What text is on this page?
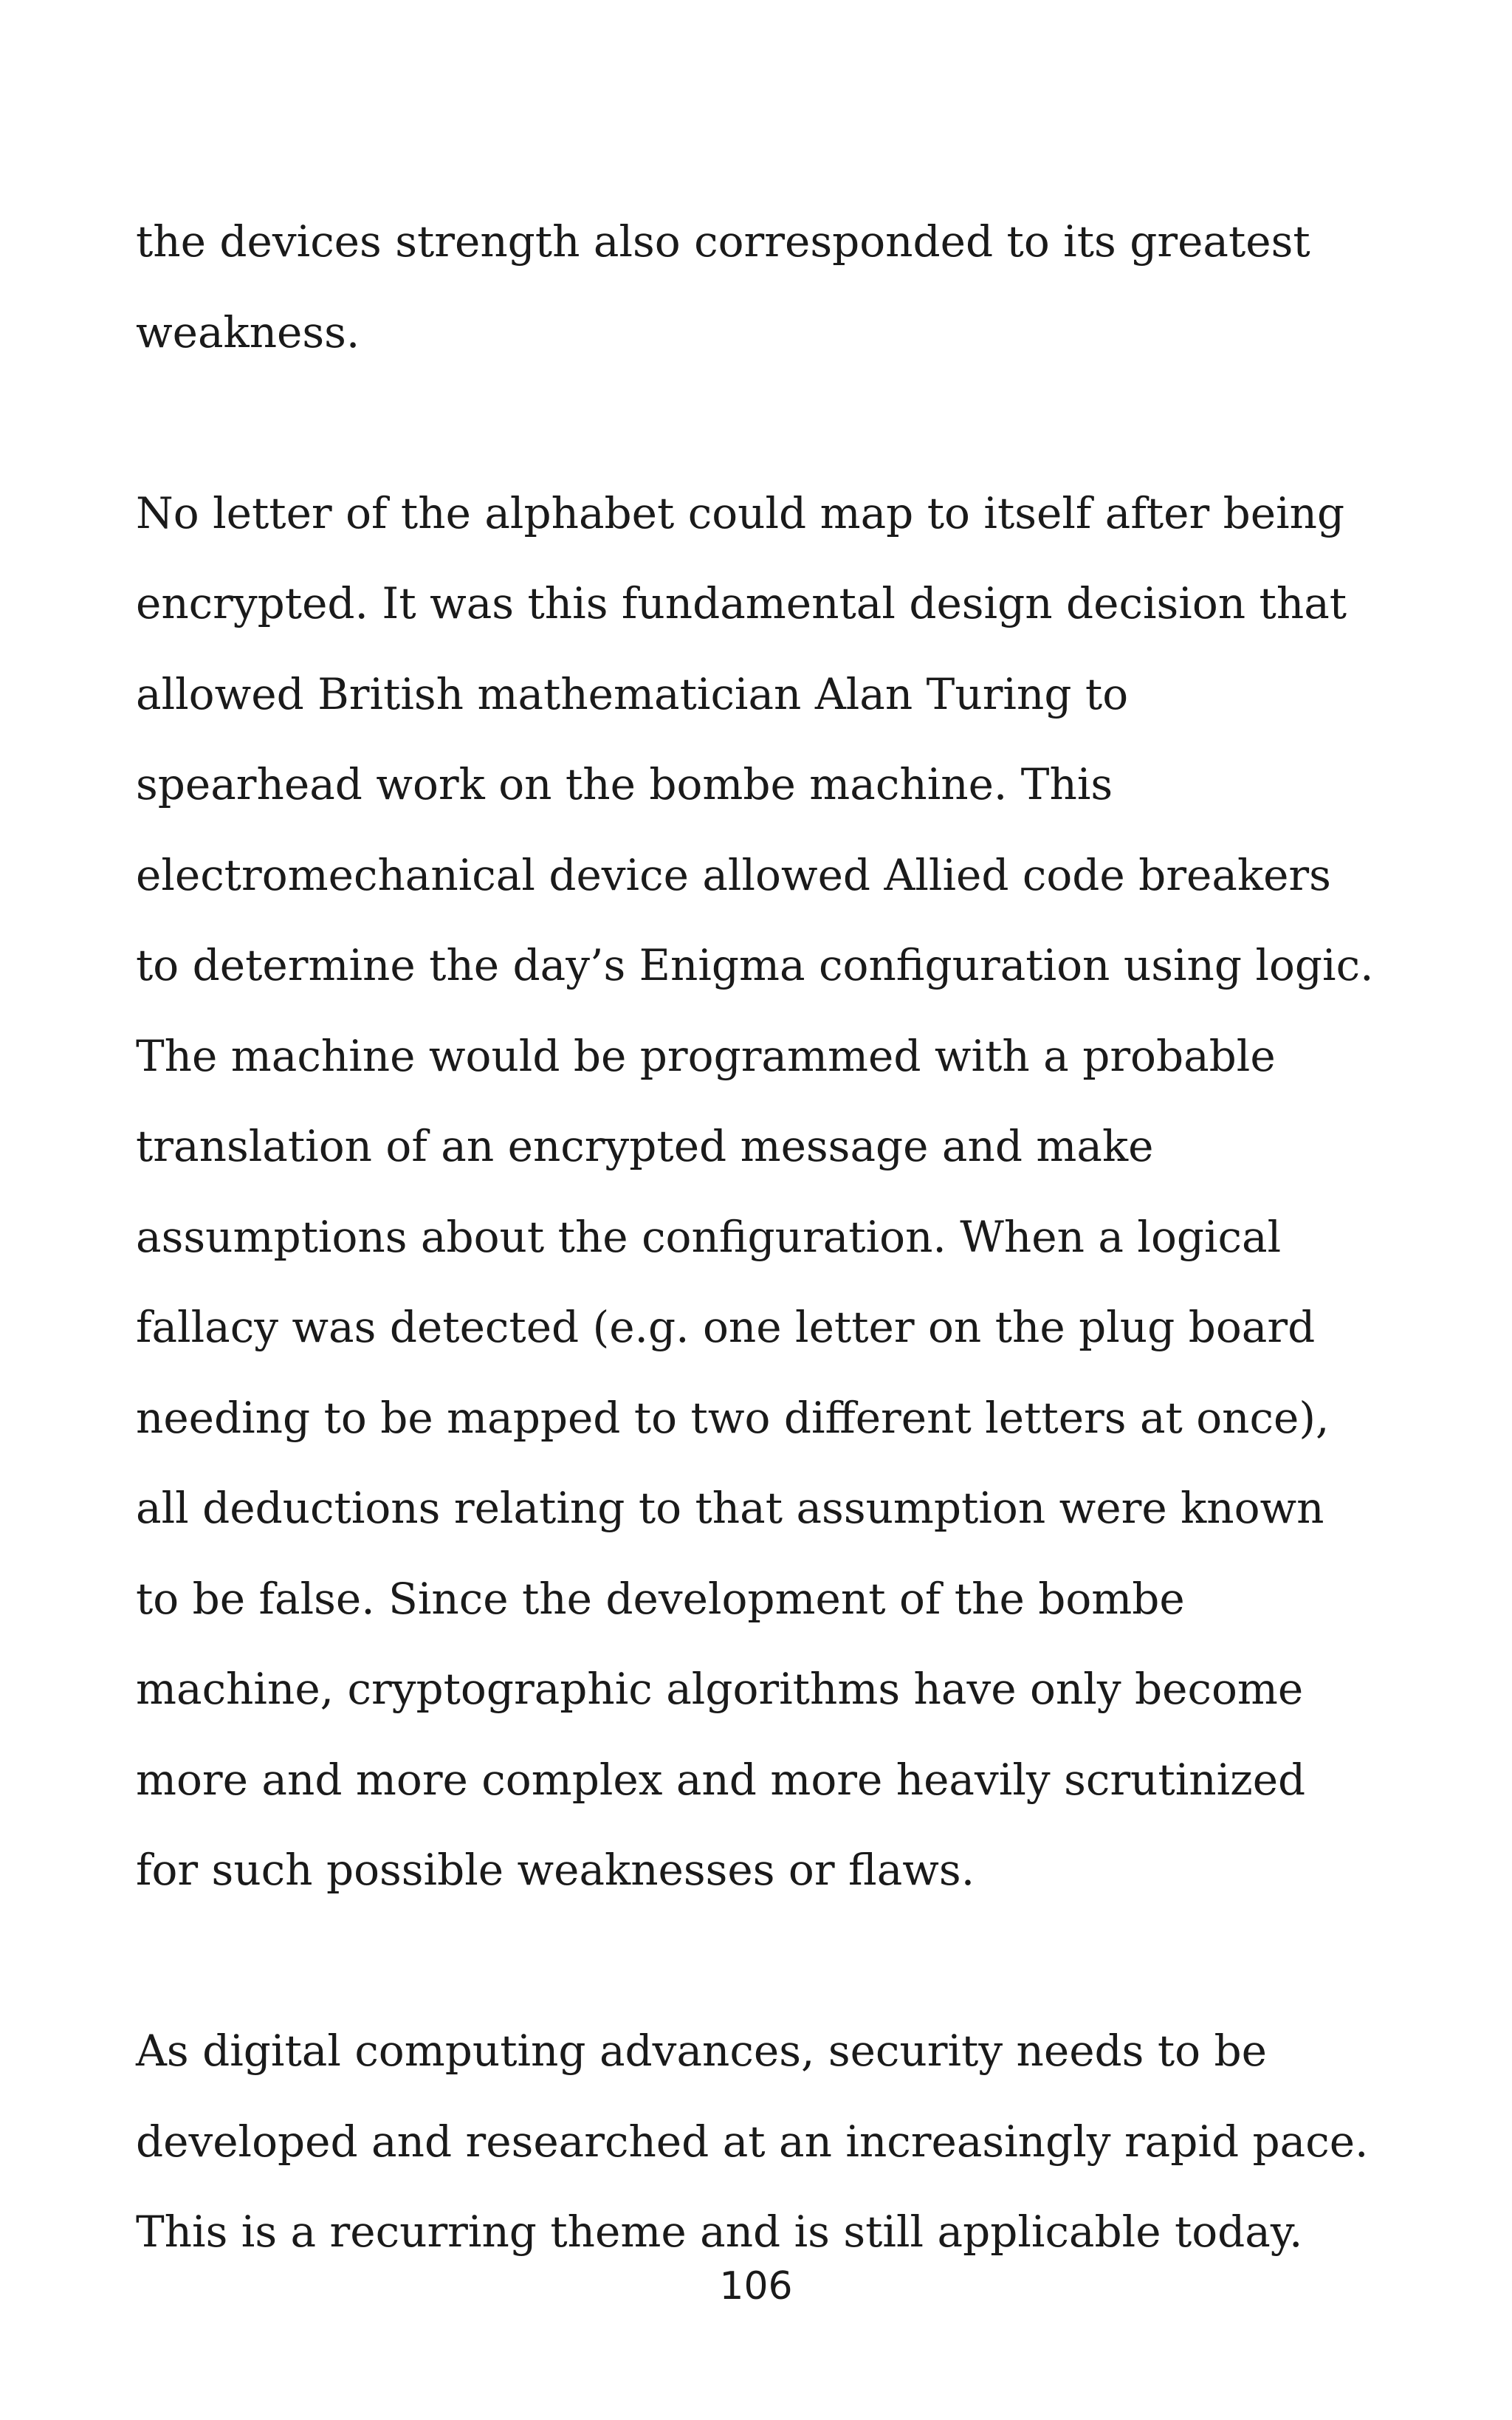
the devices strength also corresponded to its greatest
weakness.
No letter of the alphabet could map to itself after being
encrypted. It was this fundamental design decision that
allowed British mathematician Alan Turing to
spearhead work on the bombe machine. This
electromechanical device allowed Allied code breakers
to determine the day’s Enigma configuration using logic.
The machine would be programmed with a probable
translation of an encrypted message and make
assumptions about the configuration. When a logical
fallacy was detected (e.g. one letter on the plug board
needing to be mapped to two different letters at once),
all deductions relating to that assumption were known
to be false. Since the development of the bombe
machine, cryptographic algorithms have only become
more and more complex and more heavily scrutinized
for such possible weaknesses or flaws.
As digital computing advances, security needs to be
developed and researched at an increasingly rapid pace.
This is a recurring theme and is still applicable today.
106
